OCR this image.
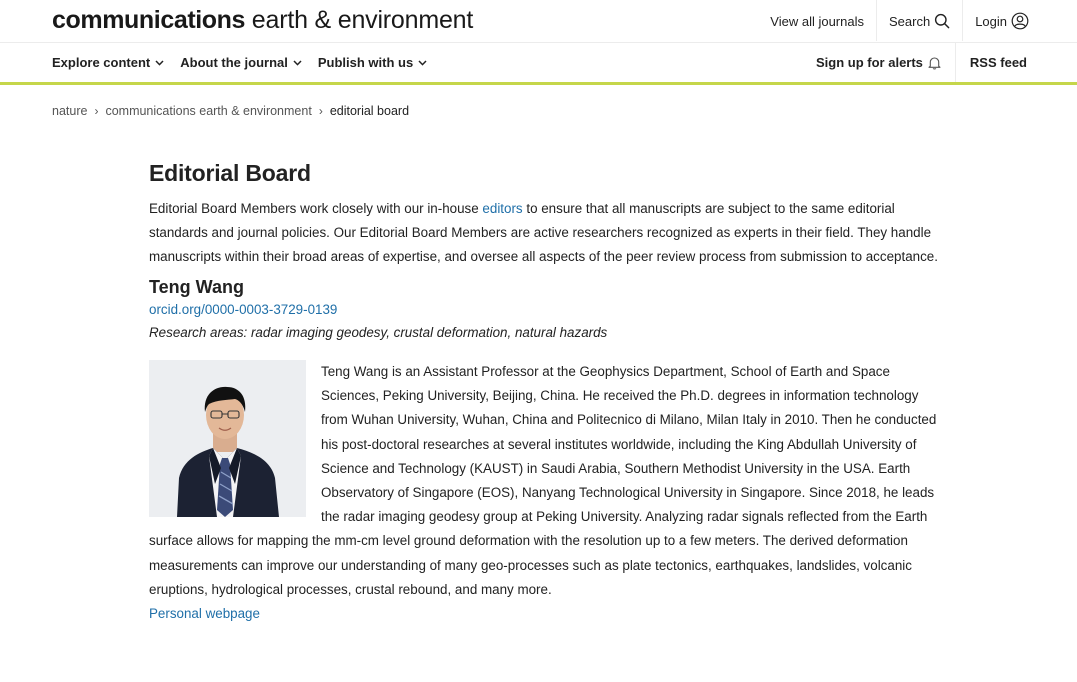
communications earth & environment	View all journals Search	Login
Explore content About the journal Publish with us	Sign up for alerts	RSS feed
nature › communications earth & environment › editorial board
Editorial Board

Editorial Board Members work closely with our in-house editors to ensure that all manuscripts are subject to the same editorial standards and journal policies. Our Editorial Board Members are active researchers recognized as experts in their field. They handle manuscripts within their broad areas of expertise, and oversee all aspects of the peer review process from submission to acceptance.

Teng Wang
orcid.org/0000-0003-3729-0139

Research areas: radar imaging geodesy, crustal deformation, natural hazards

Teng Wang is an Assistant Professor at the Geophysics Department, School of Earth and Space Sciences, Peking University, Beijing, China. He received the Ph.D. degrees in information technology from Wuhan University, Wuhan, China and Politecnico di Milano, Milan Italy in 2010. Then he conducted his post-doctoral researches at several institutes worldwide, including the King Abdullah University of Science and Technology (KAUST) in Saudi Arabia, Southern Methodist University in the USA. Earth Observatory of Singapore (EOS), Nanyang Technological University in Singapore. Since 2018, he leads the radar imaging geodesy group at Peking University. Analyzing radar signals reflected from the Earth surface allows for mapping the mm-cm level ground deformation with the resolution up to a few meters. The derived deformation measurements can improve our understanding of many geo-processes such as plate tectonics, earthquakes, landslides, volcanic eruptions, hydrological processes, crustal rebound, and many more.
Personal webpage
